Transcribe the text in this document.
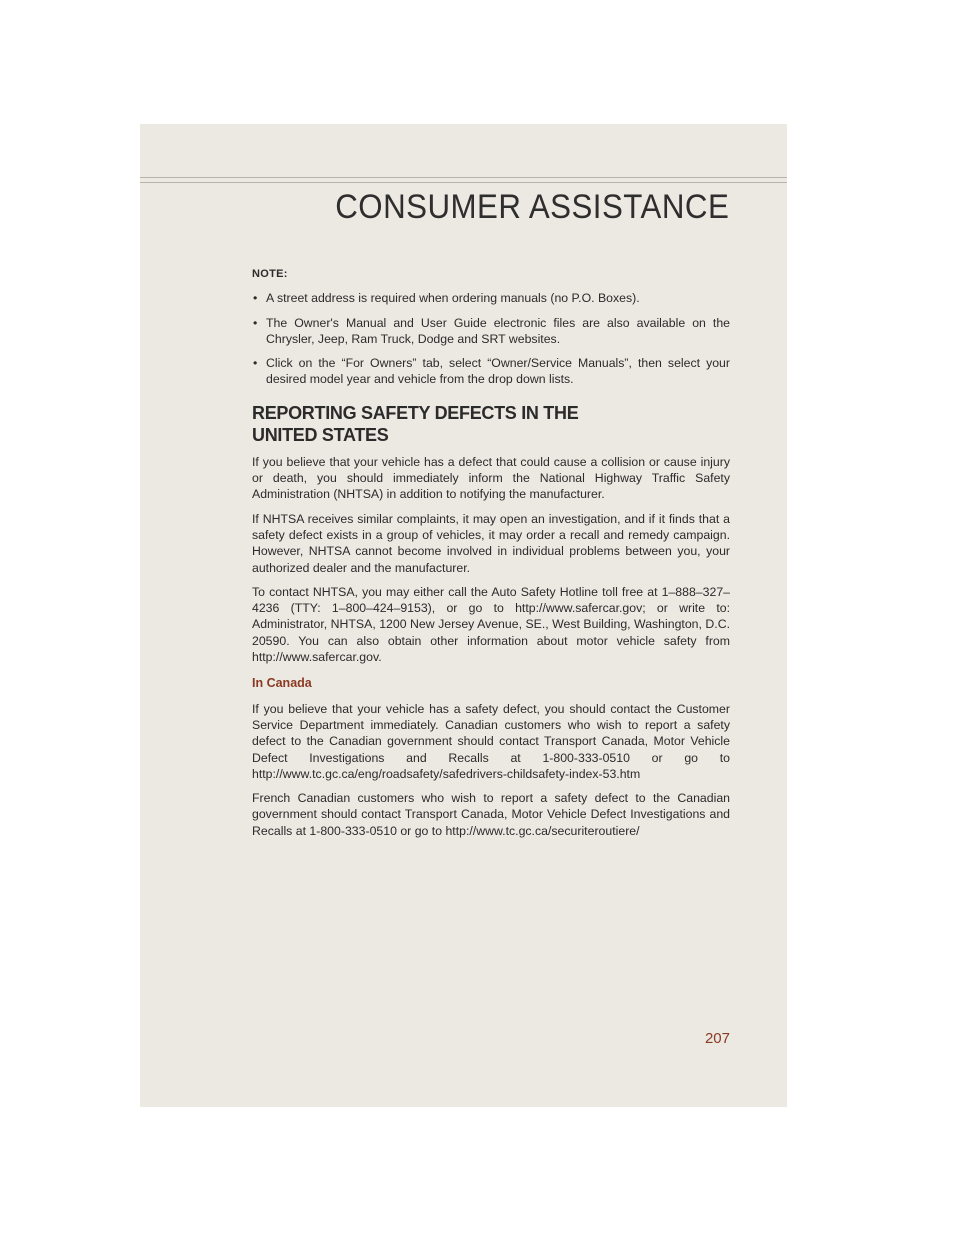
CONSUMER ASSISTANCE
NOTE:
• A street address is required when ordering manuals (no P.O. Boxes).
• The Owner's Manual and User Guide electronic files are also available on the Chrysler, Jeep, Ram Truck, Dodge and SRT websites.
• Click on the “For Owners” tab, select “Owner/Service Manuals”, then select your desired model year and vehicle from the drop down lists.
REPORTING SAFETY DEFECTS IN THE UNITED STATES

If you believe that your vehicle has a defect that could cause a collision or cause injury or death, you should immediately inform the National Highway Traffic Safety Administration (NHTSA) in addition to notifying the manufacturer.

If NHTSA receives similar complaints, it may open an investigation, and if it finds that a safety defect exists in a group of vehicles, it may order a recall and remedy campaign. However, NHTSA cannot become involved in individual problems between you, your authorized dealer and the manufacturer.

To contact NHTSA, you may either call the Auto Safety Hotline toll free at 1–888–327–4236 (TTY: 1–800–424–9153), or go to http://www.safercar.gov; or write to: Administrator, NHTSA, 1200 New Jersey Avenue, SE., West Building, Washington, D.C. 20590. You can also obtain other information about motor vehicle safety from http://www.safercar.gov.

In Canada

If you believe that your vehicle has a safety defect, you should contact the Customer Service Department immediately. Canadian customers who wish to report a safety defect to the Canadian government should contact Transport Canada, Motor Vehicle Defect Investigations and Recalls at 1-800-333-0510 or go to http://www.tc.gc.ca/eng/roadsafety/safedrivers-childsafety-index-53.htm

French Canadian customers who wish to report a safety defect to the Canadian government should contact Transport Canada, Motor Vehicle Defect Investigations and Recalls at 1-800-333-0510 or go to http://www.tc.gc.ca/securiteroutiere/

207
